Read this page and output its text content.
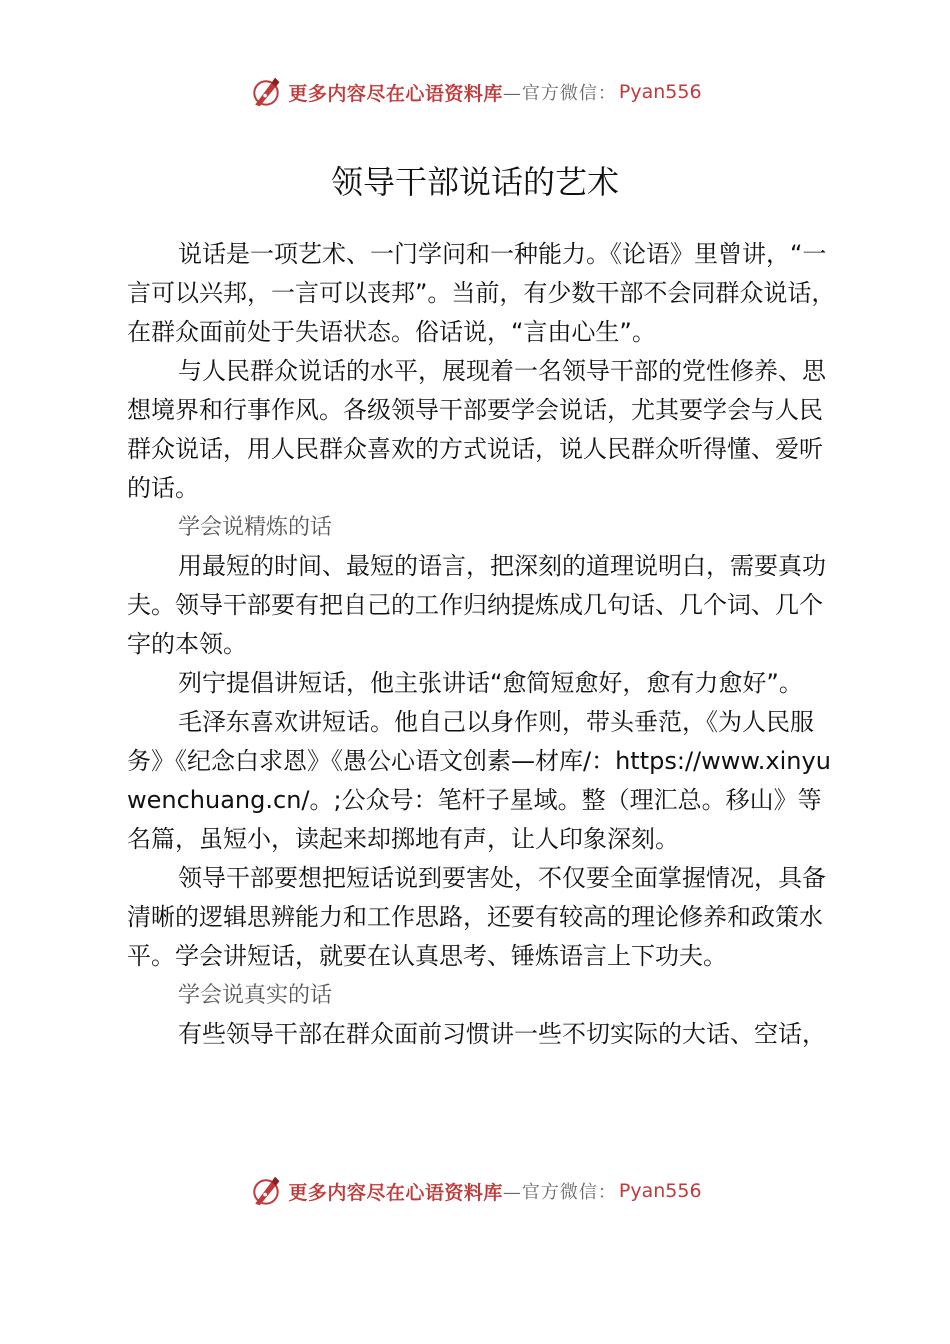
更多内容尽在心语资料库 —官方微信： Pyan556
领导干部说话的艺术

说话是一项艺术、一门学问和一种能力。《论语》里曾讲，“一言可以兴邦，一言可以丧邦”。当前，有少数干部不会同群众说话，在群众面前处于失语状态。俗话说，“言由心生”。

与人民群众说话的水平，展现着一名领导干部的党性修养、思想境界和行事作风。各级领导干部要学会说话，尤其要学会与人民群众说话，用人民群众喜欢的方式说话，说人民群众听得懂、爱听的话。

学会说精炼的话

用最短的时间、最短的语言，把深刻的道理说明白，需要真功夫。领导干部要有把自己的工作归纳提炼成几句话、几个词、几个字的本领。

列宁提倡讲短话，他主张讲话“愈简短愈好，愈有力愈好”。

毛泽东喜欢讲短话。他自己以身作则，带头垂范，《为人民服务》《纪念白求恩》《愚公心语文创素—材库/：https://www.xinyuwenchuang.cn/。;公众号：笔杆子星域。整（理汇总。移山》等名篇，虽短小，读起来却掷地有声，让人印象深刻。

领导干部要想把短话说到要害处，不仅要全面掌握情况，具备清晰的逻辑思辨能力和工作思路，还要有较高的理论修养和政策水平。学会讲短话，就要在认真思考、锤炼语言上下功夫。

学会说真实的话

有些领导干部在群众面前习惯讲一些不切实际的大话、空话，

更多内容尽在心语资料库 —官方微信： Pyan556
